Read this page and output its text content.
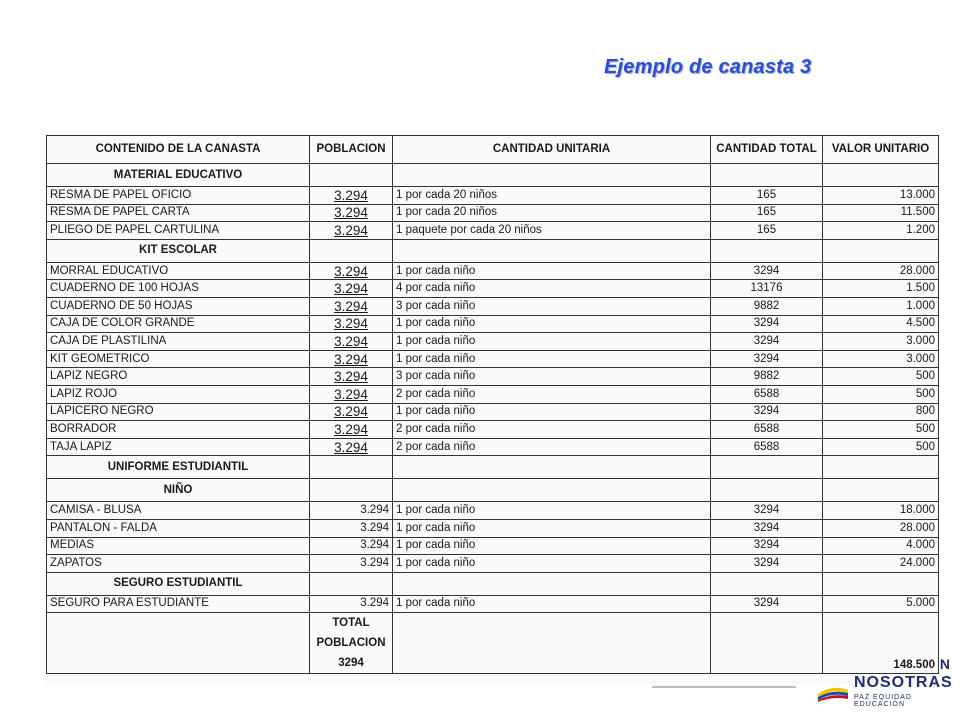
Ejemplo de canasta 3
CONTENIDO DE LA CANASTA	POBLACION	CANTIDAD UNITARIA	CANTIDAD TOTAL	VALOR UNITARIO
MATERIAL EDUCATIVO				
RESMA DE PAPEL OFICIO	3.294	1 por cada 20 niños	165	13.000
RESMA DE PAPEL CARTA	3.294	1 por cada 20 niños	165	11.500
PLIEGO DE PAPEL CARTULINA	3.294	1 paquete por cada 20 niños	165	1.200
KIT ESCOLAR				
MORRAL EDUCATIVO	3.294	1 por cada niño	3294	28.000
CUADERNO DE 100 HOJAS	3.294	4 por cada niño	13176	1.500
CUADERNO DE 50 HOJAS	3.294	3 por cada niño	9882	1.000
CAJA DE COLOR GRANDE	3.294	1 por cada niño	3294	4.500
CAJA DE PLASTILINA	3.294	1 por cada niño	3294	3.000
KIT GEOMETRICO	3.294	1 por cada niño	3294	3.000
LAPIZ NEGRO	3.294	3 por cada niño	9882	500
LAPIZ ROJO	3.294	2 por cada niño	6588	500
LAPICERO NEGRO	3.294	1 por cada niño	3294	800
BORRADOR	3.294	2 por cada niño	6588	500
TAJA LAPIZ	3.294	2 por cada niño	6588	500
UNIFORME ESTUDIANTIL				
NIÑO				
CAMISA - BLUSA	3.294	1 por cada niño	3294	18.000
PANTALON - FALDA	3.294	1 por cada niño	3294	28.000
MEDIAS	3.294	1 por cada niño	3294	4.000
ZAPATOS	3.294	1 por cada niño	3294	24.000
SEGURO ESTUDIANTIL				
SEGURO PARA ESTUDIANTE	3.294	1 por cada niño	3294	5.000

	TOTAL
POBLACION
3294			148.500 N
NOSOTRAS
PAZ EQUIDAD EDUCACIÓN
